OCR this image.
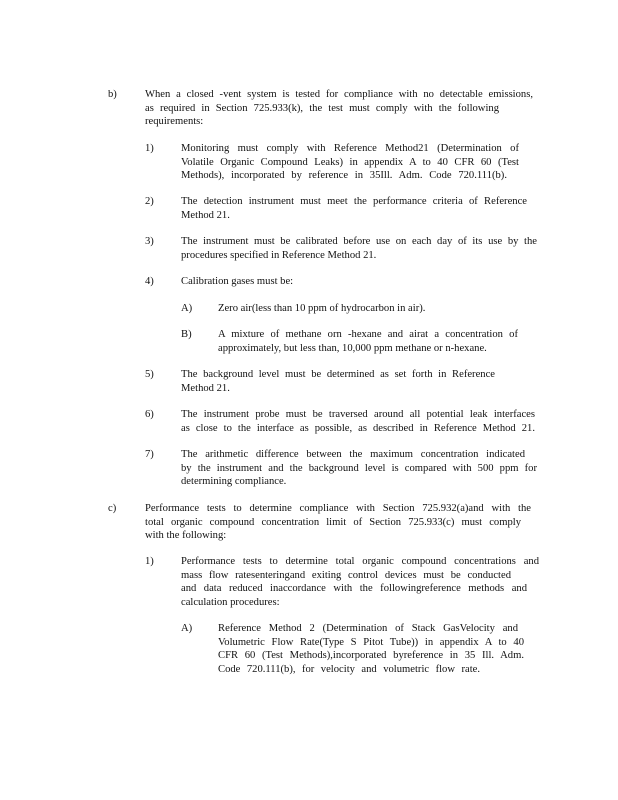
b)	When a closed -vent system is tested for compliance with no detectable emissions,
as required in Section 725.933(k), the test must comply with the following
requirements:
1)	Monitoring must comply with Reference Method21 (Determination of
Volatile Organic Compound Leaks) in appendix A to 40 CFR 60 (Test
Methods), incorporated by reference in 35Ill. Adm. Code 720.111(b).
2)	The detection instrument must meet the performance criteria of Reference
Method 21.
3)	The instrument must be calibrated before use on each day of its use by the
procedures specified in Reference Method 21.
4)	Calibration gases must be:
A) Zero air(less than 10 ppm of hydrocarbon in air).
B) A mixture of methane orn -hexane and airat a concentration of
approximately, but less than, 10,000 ppm methane or n-hexane.
5)	The background level must be determined as set forth in Reference
Method 21.
6)	The instrument probe must be traversed around all potential leak interfaces
as close to the interface as possible, as described in Reference Method 21.
7)	The arithmetic difference between the maximum concentration indicated
by the instrument and the background level is compared with 500 ppm for
determining compliance.
c)	Performance tests to determine compliance with Section 725.932(a)and with the
total organic compound concentration limit of Section 725.933(c) must comply
with the following:
1)	Performance tests to determine total organic compound concentrations and
mass flow ratesenteringand exiting control devices must be conducted
and data reduced inaccordance with the followingreference methods and
calculation procedures:
A) Reference Method 2 (Determination of Stack GasVelocity and
Volumetric Flow Rate(Type S Pitot Tube)) in appendix A to 40
CFR 60 (Test Methods),incorporated byreference in 35 Ill. Adm.
Code 720.111(b), for velocity and volumetric flow rate.
